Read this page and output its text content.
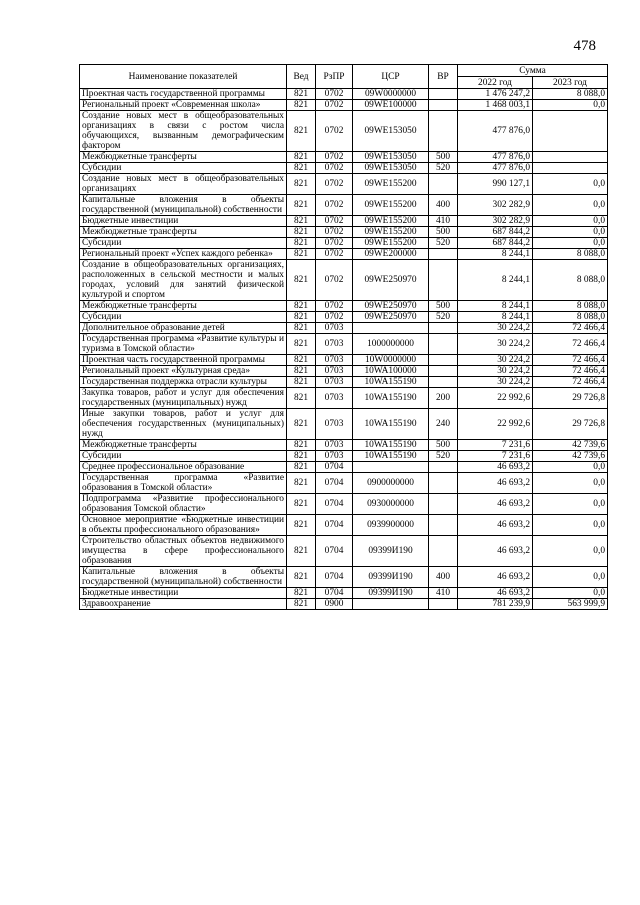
478
Наименование показателей	Вед	РзПР	ЦСР	ВР	Сумма	
					2022 год	2023 год
Проектная часть государственной программы	821	0702	09W0000000		1 476 247,2	8 088,0
Региональный проект «Современная школа»	821	0702	09WE100000		1 468 003,1	0,0
Создание новых мест в общеобразовательных организациях в связи с ростом числа обучающихся, вызванным демографическим фактором	821	0702	09WE153050		477 876,0	
Межбюджетные трансферты	821	0702	09WE153050	500	477 876,0	
Субсидии	821	0702	09WE153050	520	477 876,0	
Создание новых мест в общеобразовательных организациях	821	0702	09WE155200		990 127,1	0,0
Капитальные вложения в объекты государственной (муниципальной) собственности	821	0702	09WE155200	400	302 282,9	0,0
Бюджетные инвестиции	821	0702	09WE155200	410	302 282,9	0,0
Межбюджетные трансферты	821	0702	09WE155200	500	687 844,2	0,0
Субсидии	821	0702	09WE155200	520	687 844,2	0,0
Региональный проект «Успех каждого ребенка»	821	0702	09WE200000		8 244,1	8 088,0
Создание в общеобразовательных организациях, расположенных в сельской местности и малых городах, условий для занятий физической культурой и спортом	821	0702	09WE250970		8 244,1	8 088,0
Межбюджетные трансферты	821	0702	09WE250970	500	8 244,1	8 088,0
Субсидии	821	0702	09WE250970	520	8 244,1	8 088,0
Дополнительное образование детей	821	0703			30 224,2	72 466,4
Государственная программа «Развитие культуры и туризма в Томской области»	821	0703	1000000000		30 224,2	72 466,4
Проектная часть государственной программы	821	0703	10W0000000		30 224,2	72 466,4
Региональный проект «Культурная среда»	821	0703	10WA100000		30 224,2	72 466,4
Государственная поддержка отрасли культуры	821	0703	10WA155190		30 224,2	72 466,4
Закупка товаров, работ и услуг для обеспечения государственных (муниципальных) нужд	821	0703	10WA155190	200	22 992,6	29 726,8
Иные закупки товаров, работ и услуг для обеспечения государственных (муниципальных) нужд	821	0703	10WA155190	240	22 992,6	29 726,8
Межбюджетные трансферты	821	0703	10WA155190	500	7 231,6	42 739,6
Субсидии	821	0703	10WA155190	520	7 231,6	42 739,6
Среднее профессиональное образование	821	0704			46 693,2	0,0
Государственная программа «Развитие образования в Томской области»	821	0704	0900000000		46 693,2	0,0
Подпрограмма «Развитие профессионального образования Томской области»	821	0704	0930000000		46 693,2	0,0
Основное мероприятие «Бюджетные инвестиции в объекты профессионального образования»	821	0704	0939900000		46 693,2	0,0
Строительство областных объектов недвижимого имущества в сфере профессионального образования	821	0704	09399И190		46 693,2	0,0
Капитальные вложения в объекты государственной (муниципальной) собственности	821	0704	09399И190	400	46 693,2	0,0
Бюджетные инвестиции	821	0704	09399И190	410	46 693,2	0,0
Здравоохранение	821	0900			781 239,9	563 999,9
